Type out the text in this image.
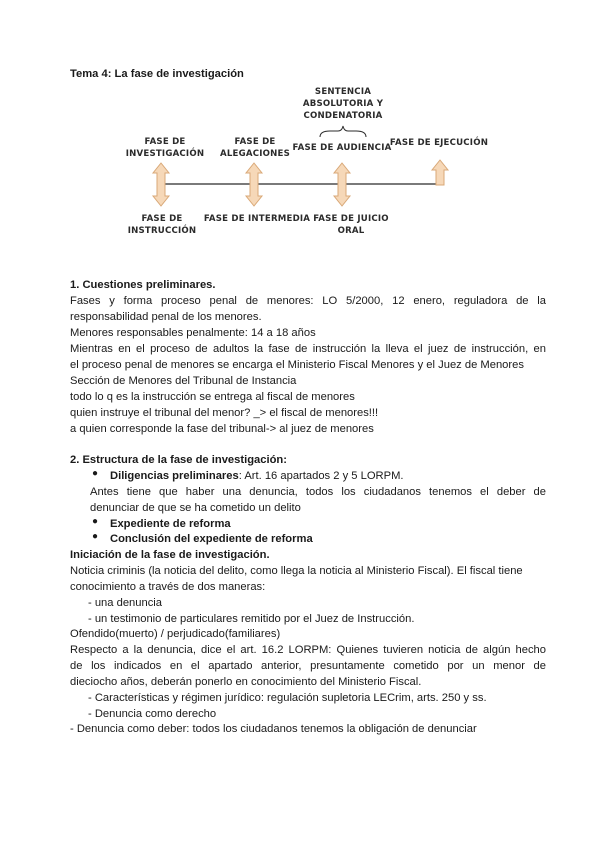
Tema 4: La fase de investigación
SENTENCIA
ABSOLUTORIA Y
CONDENATORIA
FASE DE
INVESTIGACIÓN
FASE DE
ALEGACIONES
FASE DE AUDIENCIA
FASE DE EJECUCIÓN
FASE DE
INSTRUCCIÓN
FASE DE INTERMEDIA FASE DE JUICIO
ORAL
1. Cuestiones preliminares.
Fases y forma proceso penal de menores: LO 5/2000, 12 enero, reguladora de la
responsabilidad penal de los menores.
Menores responsables penalmente: 14 a 18 años
Mientras en el proceso de adultos la fase de instrucción la lleva el juez de instrucción, en
el proceso penal de menores se encarga el Ministerio Fiscal Menores y el Juez de Menores
Sección de Menores del Tribunal de Instancia
todo lo q es la instrucción se entrega al fiscal de menores
quien instruye el tribunal del menor? _> el fiscal de menores!!!
a quien corresponde la fase del tribunal-> al juez de menores
2. Estructura de la fase de investigación:
● Diligencias preliminares: Art. 16 apartados 2 y 5 LORPM.
Antes tiene que haber una denuncia, todos los ciudadanos tenemos el deber de
denunciar de que se ha cometido un delito
● Expediente de reforma
● Conclusión del expediente de reforma
Iniciación de la fase de investigación.
Noticia criminis (la noticia del delito, como llega la noticia al Ministerio Fiscal). El fiscal tiene
conocimiento a través de dos maneras:
- una denuncia
- un testimonio de particulares remitido por el Juez de Instrucción.
Ofendido(muerto) / perjudicado(familiares)
Respecto a la denuncia, dice el art. 16.2 LORPM: Quienes tuvieren noticia de algún hecho
de los indicados en el apartado anterior, presuntamente cometido por un menor de
dieciocho años, deberán ponerlo en conocimiento del Ministerio Fiscal.
- Características y régimen jurídico: regulación supletoria LECrim, arts. 250 y ss.
- Denuncia como derecho
- Denuncia como deber: todos los ciudadanos tenemos la obligación de denunciar
